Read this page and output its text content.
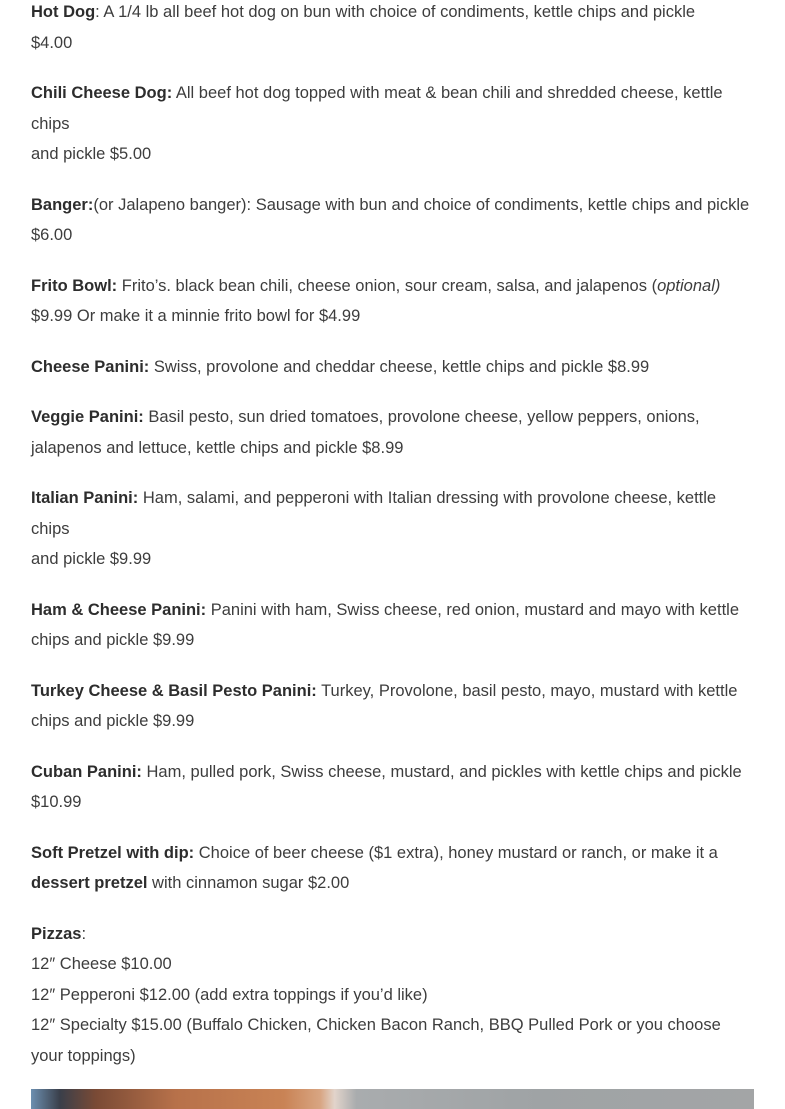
Hot Dog: A 1/4 lb all beef hot dog on bun with choice of condiments, kettle chips and pickle
$4.00

Chili Cheese Dog: All beef hot dog topped with meat & bean chili and shredded cheese, kettle chips
and pickle $5.00

Banger:(or Jalapeno banger): Sausage with bun and choice of condiments, kettle chips and pickle $6.00

Frito Bowl: Frito’s. black bean chili, cheese onion, sour cream, salsa, and jalapenos (optional)
$9.99 Or make it a minnie frito bowl for $4.99

Cheese Panini: Swiss, provolone and cheddar cheese, kettle chips and pickle $8.99

Veggie Panini: Basil pesto, sun dried tomatoes, provolone cheese, yellow peppers, onions, jalapenos and lettuce, kettle chips and pickle $8.99

Italian Panini: Ham, salami, and pepperoni with Italian dressing with provolone cheese, kettle chips
and pickle $9.99

Ham & Cheese Panini: Panini with ham, Swiss cheese, red onion, mustard and mayo with kettle chips and pickle $9.99

Turkey Cheese & Basil Pesto Panini: Turkey, Provolone, basil pesto, mayo, mustard with kettle chips and pickle $9.99

Cuban Panini: Ham, pulled pork, Swiss cheese, mustard, and pickles with kettle chips and pickle $10.99

Soft Pretzel with dip: Choice of beer cheese ($1 extra), honey mustard or ranch, or make it a dessert pretzel with cinnamon sugar $2.00

Pizzas:
12″ Cheese $10.00
12″ Pepperoni $12.00 (add extra toppings if you’d like)
12″ Specialty $15.00 (Buffalo Chicken, Chicken Bacon Ranch, BBQ Pulled Pork or you choose your toppings)
